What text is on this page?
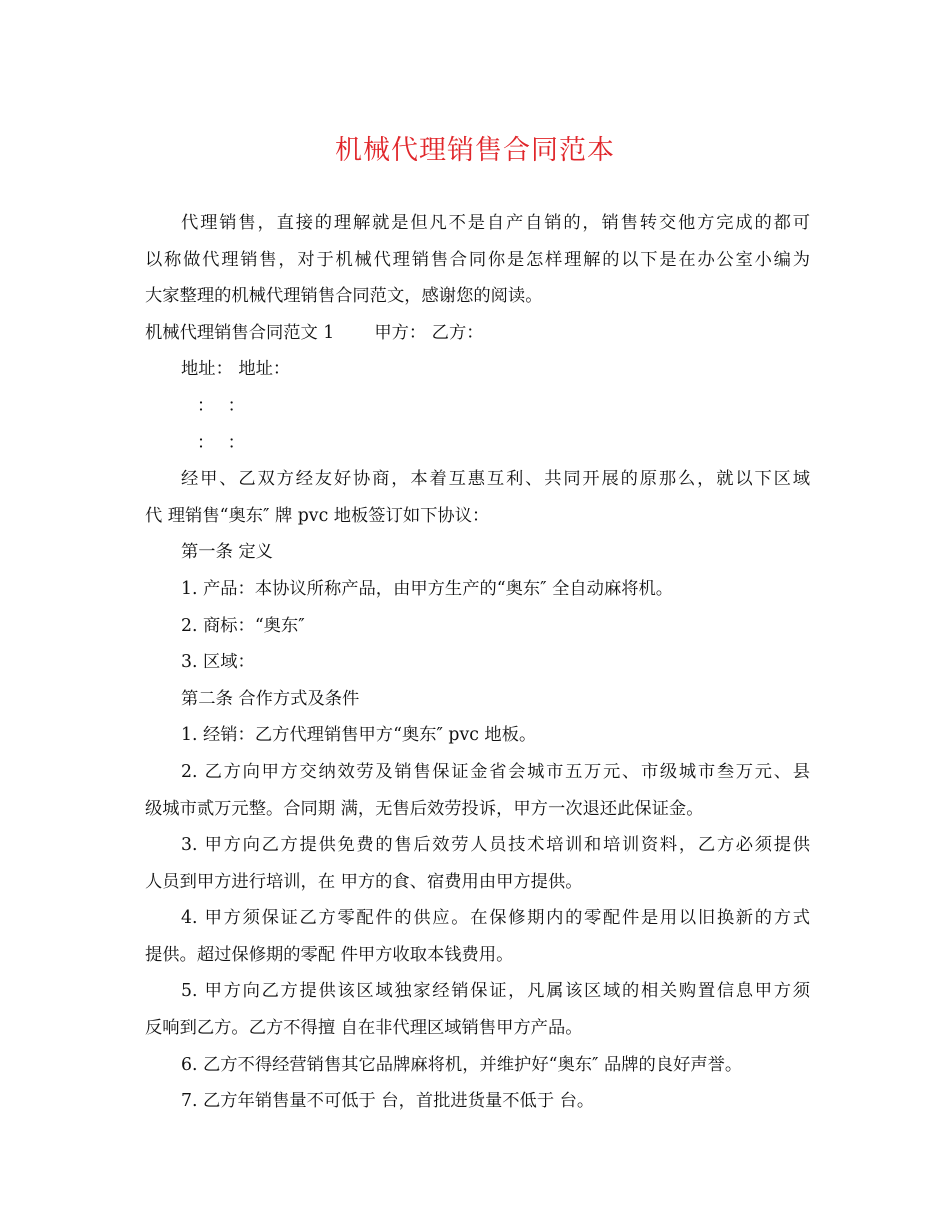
机械代理销售合同范本
代理销售，直接的理解就是但凡不是自产自销的，销售转交他方完成的都可
以称做代理销售，对于机械代理销售合同你是怎样理解的以下是在办公室小编为
大家整理的机械代理销售合同范文，感谢您的阅读。
机械代理销售合同范文 1 甲方： 乙方：
地址： 地址：
： ：
： ：
经甲、乙双方经友好协商，本着互惠互利、共同开展的原那么，就以下区域
代 理销售“奥东″ 牌 pvc 地板签订如下协议：
第一条 定义
1. 产品：本协议所称产品，由甲方生产的“奥东″ 全自动麻将机。
2. 商标：“奥东″
3. 区域：
第二条 合作方式及条件
1. 经销：乙方代理销售甲方“奥东″ pvc 地板。
2. 乙方向甲方交纳效劳及销售保证金省会城市五万元、市级城市叁万元、县
级城市贰万元整。合同期 满，无售后效劳投诉，甲方一次退还此保证金。
3. 甲方向乙方提供免费的售后效劳人员技术培训和培训资料，乙方必须提供
人员到甲方进行培训，在 甲方的食、宿费用由甲方提供。
4. 甲方须保证乙方零配件的供应。在保修期内的零配件是用以旧换新的方式
提供。超过保修期的零配 件甲方收取本钱费用。
5. 甲方向乙方提供该区域独家经销保证，凡属该区域的相关购置信息甲方须
反响到乙方。乙方不得擅 自在非代理区域销售甲方产品。
6. 乙方不得经营销售其它品牌麻将机，并维护好“奥东″ 品牌的良好声誉。
7. 乙方年销售量不可低于 台，首批进货量不低于 台。
